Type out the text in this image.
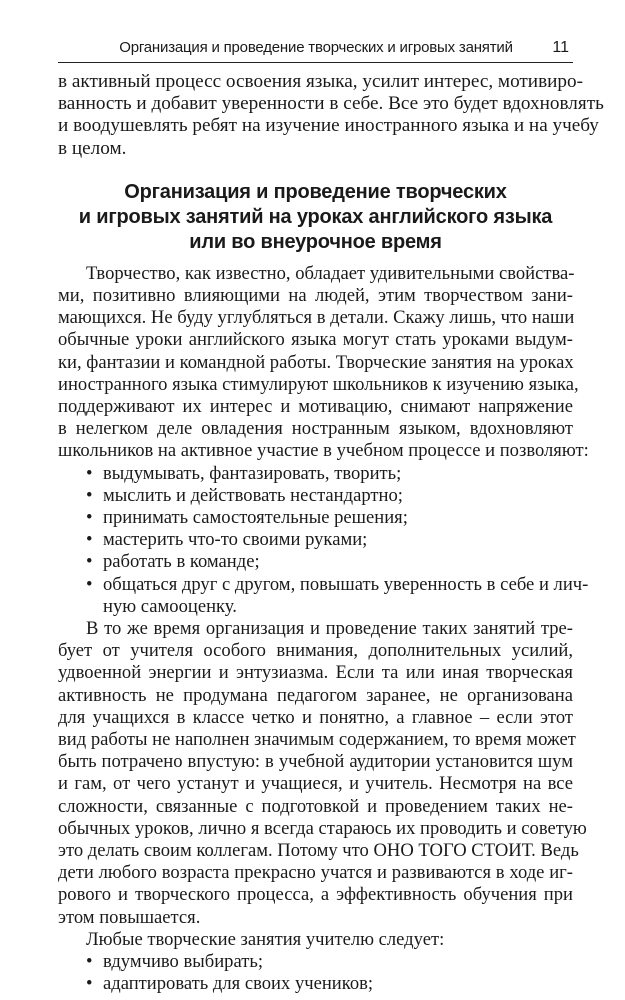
Организация и проведение творческих и игровых занятий 11
в активный процесс освоения языка, усилит интерес, мотивиро-
ванность и добавит уверенности в себе. Все это будет вдохновлять
и воодушевлять ребят на изучение иностранного языка и на учебу
в целом.
Организация и проведение творческих
и игровых занятий на уроках английского языка
или во внеурочное время
Творчество, как известно, обладает удивительными свойства-
ми, позитивно влияющими на людей, этим творчеством зани-
мающихся. Не буду углубляться в детали. Скажу лишь, что наши
обычные уроки английского языка могут стать уроками выдум-
ки, фантазии и командной работы. Творческие занятия на уроках
иностранного языка стимулируют школьников к изучению языка,
поддерживают их интерес и мотивацию, снимают напряжение
в нелегком деле овладения ностранным языком, вдохновляют
школьников на активное участие в учебном процессе и позволяют:
• выдумывать, фантазировать, творить;
• мыслить и действовать нестандартно;
• принимать самостоятельные решения;
• мастерить что-то своими руками;
• работать в команде;
• общаться друг с другом, повышать уверенность в себе и лич-
ную самооценку.
В то же время организация и проведение таких занятий тре-
бует от учителя особого внимания, дополнительных усилий,
удвоенной энергии и энтузиазма. Если та или иная творческая
активность не продумана педагогом заранее, не организована
для учащихся в классе четко и понятно, а главное – если этот
вид работы не наполнен значимым содержанием, то время может
быть потрачено впустую: в учебной аудитории установится шум
и гам, от чего устанут и учащиеся, и учитель. Несмотря на все
сложности, связанные с подготовкой и проведением таких не-
обычных уроков, лично я всегда стараюсь их проводить и советую
это делать своим коллегам. Потому что ОНО ТОГО СТОИТ. Ведь
дети любого возраста прекрасно учатся и развиваются в ходе иг-
рового и творческого процесса, а эффективность обучения при
этом повышается.
Любые творческие занятия учителю следует:
• вдумчиво выбирать;
• адаптировать для своих учеников;
